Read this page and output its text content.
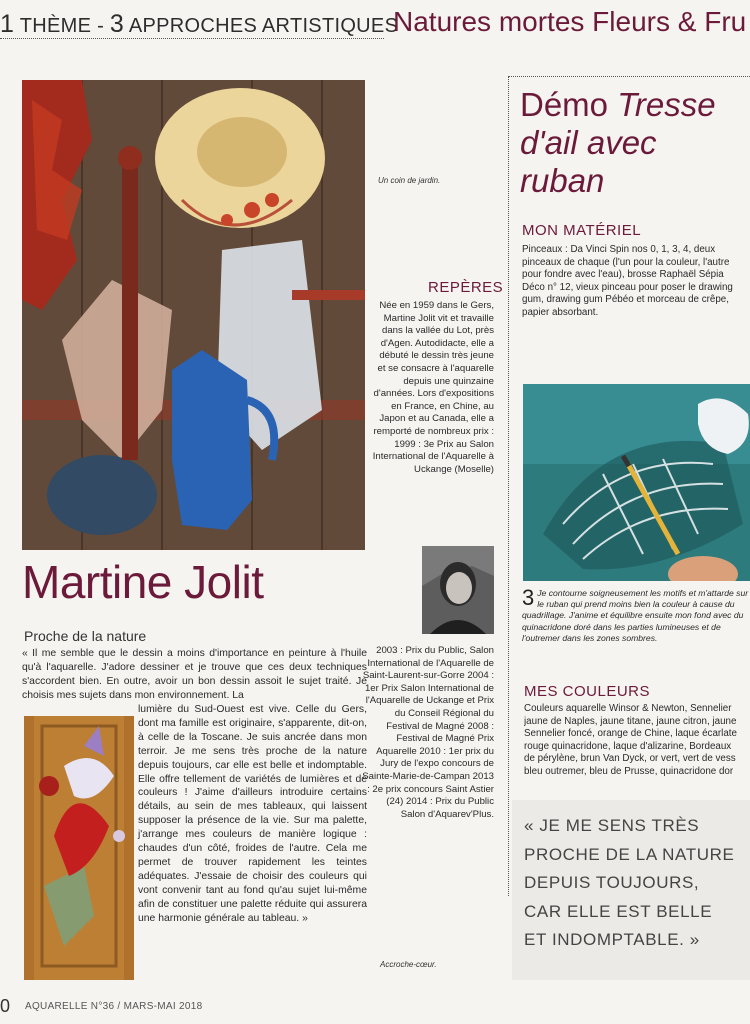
1 THÈME - 3 APPROCHES ARTISTIQUES
Natures mortes Fleurs & Fru
Un coin de jardin.
Martine Jolit
Proche de la nature
« Il me semble que le dessin a moins d'importance en peinture à l'huile qu'à l'aquarelle. J'adore dessiner et je trouve que ces deux techniques s'accordent bien. En outre, avoir un bon dessin assoit le sujet traité. Je choisis mes sujets dans mon environnement. La
lumière du Sud-Ouest est vive. Celle du Gers, dont ma famille est originaire, s'apparente, dit-on, à celle de la Toscane. Je suis ancrée dans mon terroir. Je me sens très proche de la nature depuis toujours, car elle est belle et indomptable. Elle offre tellement de variétés de lumières et de couleurs ! J'aime d'ailleurs introduire certains détails, au sein de mes tableaux, qui laissent supposer la présence de la vie. Sur ma palette, j'arrange mes couleurs de manière logique : chaudes d'un côté, froides de l'autre. Cela me permet de trouver rapidement les teintes adéquates. J'essaie de choisir des couleurs qui vont convenir tant au fond qu'au sujet lui-même afin de constituer une palette réduite qui assurera une harmonie générale au tableau. »
REPÈRES
Née en 1959 dans le Gers, Martine Jolit vit et travaille dans la vallée du Lot, près d'Agen. Autodidacte, elle a débuté le dessin très jeune et se consacre à l'aquarelle depuis une quinzaine d'années. Lors d'expositions en France, en Chine, au Japon et au Canada, elle a remporté de nombreux prix : 1999 : 3e Prix au Salon International de l'Aquarelle à Uckange (Moselle)
2003 : Prix du Public, Salon International de l'Aquarelle de Saint-Laurent-sur-Gorre 2004 : 1er Prix Salon International de l'Aquarelle de Uckange et Prix du Conseil Régional du Festival de Magné 2008 : Festival de Magné Prix Aquarelle 2010 : 1er prix du Jury de l'expo concours de Sainte-Marie-de-Campan 2013 : 2e prix concours Saint Astier (24) 2014 : Prix du Public Salon d'Aquarev'Plus.
Accroche-cœur.
Démo Tresse d'ail avec ruban
MON MATÉRIEL
Pinceaux : Da Vinci Spin nos 0, 1, 3, 4, deux pinceaux de chaque (l'un pour la couleur, l'autre pour fondre avec l'eau), brosse Raphaël Sépia Déco n° 12, vieux pinceau pour poser le drawing gum, drawing gum Pébéo et morceau de crêpe, papier absorbant.
3 Je contourne soigneusement les motifs et m'attarde sur le ruban qui prend moins bien la couleur à cause du quadrillage. J'anime et équilibre ensuite mon fond avec du quinacridone doré dans les parties lumineuses et de l'outremer dans les zones sombres.
MES COULEURS
Couleurs aquarelle Winsor & Newton, Sennelier
jaune de Naples, jaune titane, jaune citron, jaune
Sennelier foncé, orange de Chine, laque écarlate
rouge quinacridone, laque d'alizarine, Bordeaux
de pérylène, brun Van Dyck, or vert, vert de vess
bleu outremer, bleu de Prusse, quinacridone dor
« JE ME SENS TRÈS
PROCHE DE LA NATURE
DEPUIS TOUJOURS,
CAR ELLE EST BELLE
ET INDOMPTABLE. »
0 AQUARELLE N°36 / MARS-MAI 2018
